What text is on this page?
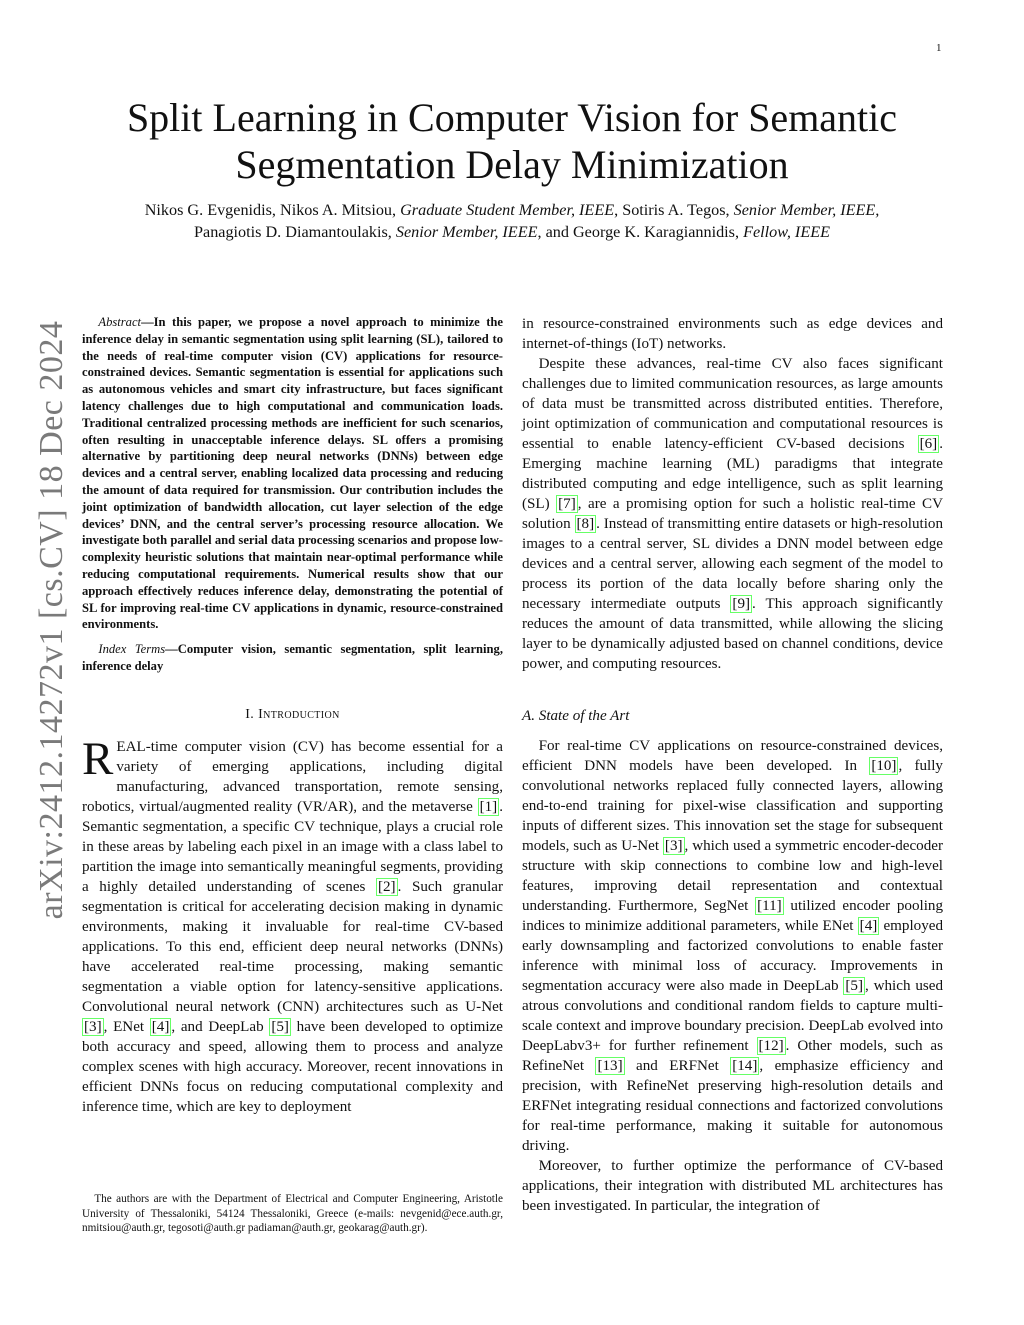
1
arXiv:2412.14272v1 [cs.CV] 18 Dec 2024
Split Learning in Computer Vision for Semantic Segmentation Delay Minimization
Nikos G. Evgenidis, Nikos A. Mitsiou, Graduate Student Member, IEEE, Sotiris A. Tegos, Senior Member, IEEE,
Panagiotis D. Diamantoulakis, Senior Member, IEEE, and George K. Karagiannidis, Fellow, IEEE

Abstract—In this paper, we propose a novel approach to minimize the inference delay in semantic segmentation using split learning (SL), tailored to the needs of real-time computer vision (CV) applications for resource-constrained devices. Semantic segmentation is essential for applications such as autonomous vehicles and smart city infrastructure, but faces significant latency challenges due to high computational and communication loads. Traditional centralized processing methods are inefficient for such scenarios, often resulting in unacceptable inference delays. SL offers a promising alternative by partitioning deep neural networks (DNNs) between edge devices and a central server, enabling localized data processing and reducing the amount of data required for transmission. Our contribution includes the joint optimization of bandwidth allocation, cut layer selection of the edge devices’ DNN, and the central server’s processing resource allocation. We investigate both parallel and serial data processing scenarios and propose low-complexity heuristic solutions that maintain near-optimal performance while reducing computational requirements. Numerical results show that our approach effectively reduces inference delay, demonstrating the potential of SL for improving real-time CV applications in dynamic, resource-constrained environments.

Index Terms—Computer vision, semantic segmentation, split learning, inference delay

I. Introduction

REAL-time computer vision (CV) has become essential for a variety of emerging applications, including digital manufacturing, advanced transportation, remote sensing, robotics, virtual/augmented reality (VR/AR), and the metaverse [1] . Semantic segmentation, a specific CV technique, plays a crucial role in these areas by labeling each pixel in an image with a class label to partition the image into semantically meaningful segments, providing a highly detailed understanding of scenes [2] . Such granular segmentation is critical for accelerating decision making in dynamic environments, making it invaluable for real-time CV-based applications. To this end, efficient deep neural networks (DNNs) have accelerated real-time processing, making semantic segmentation a viable option for latency-sensitive applications. Convolutional neural network (CNN) architectures such as U-Net [3] , ENet [4] , and DeepLab [5] have been developed to optimize both accuracy and speed, allowing them to process and analyze complex scenes with high accuracy. Moreover, recent innovations in efficient DNNs focus on reducing computational complexity and inference time, which are key to deployment

The authors are with the Department of Electrical and Computer Engineering, Aristotle University of Thessaloniki, 54124 Thessaloniki, Greece (e-mails: nevgenid@ece.auth.gr, nmitsiou@auth.gr, tegosoti@auth.gr padiaman@auth.gr, geokarag@auth.gr).

in resource-constrained environments such as edge devices and internet-of-things (IoT) networks.

Despite these advances, real-time CV also faces significant challenges due to limited communication resources, as large amounts of data must be transmitted across distributed entities. Therefore, joint optimization of communication and computational resources is essential to enable latency-efficient CV-based decisions [6] . Emerging machine learning (ML) paradigms that integrate distributed computing and edge intelligence, such as split learning (SL) [7] , are a promising option for such a holistic real-time CV solution [8] . Instead of transmitting entire datasets or high-resolution images to a central server, SL divides a DNN model between edge devices and a central server, allowing each segment of the model to process its portion of the data locally before sharing only the necessary intermediate outputs [9] . This approach significantly reduces the amount of data transmitted, while allowing the slicing layer to be dynamically adjusted based on channel conditions, device power, and computing resources.

A. State of the Art

For real-time CV applications on resource-constrained devices, efficient DNN models have been developed. In [10] , fully convolutional networks replaced fully connected layers, allowing end-to-end training for pixel-wise classification and supporting inputs of different sizes. This innovation set the stage for subsequent models, such as U-Net [3] , which used a symmetric encoder-decoder structure with skip connections to combine low and high-level features, improving detail representation and contextual understanding. Furthermore, SegNet [11] utilized encoder pooling indices to minimize additional parameters, while ENet [4] employed early downsampling and factorized convolutions to enable faster inference with minimal loss of accuracy. Improvements in segmentation accuracy were also made in DeepLab [5] , which used atrous convolutions and conditional random fields to capture multi-scale context and improve boundary precision. DeepLab evolved into DeepLabv3+ for further refinement [12] . Other models, such as RefineNet [13] and ERFNet [14] , emphasize efficiency and precision, with RefineNet preserving high-resolution details and ERFNet integrating residual connections and factorized convolutions for real-time performance, making it suitable for autonomous driving.

Moreover, to further optimize the performance of CV-based applications, their integration with distributed ML architectures has been investigated. In particular, the integration of
